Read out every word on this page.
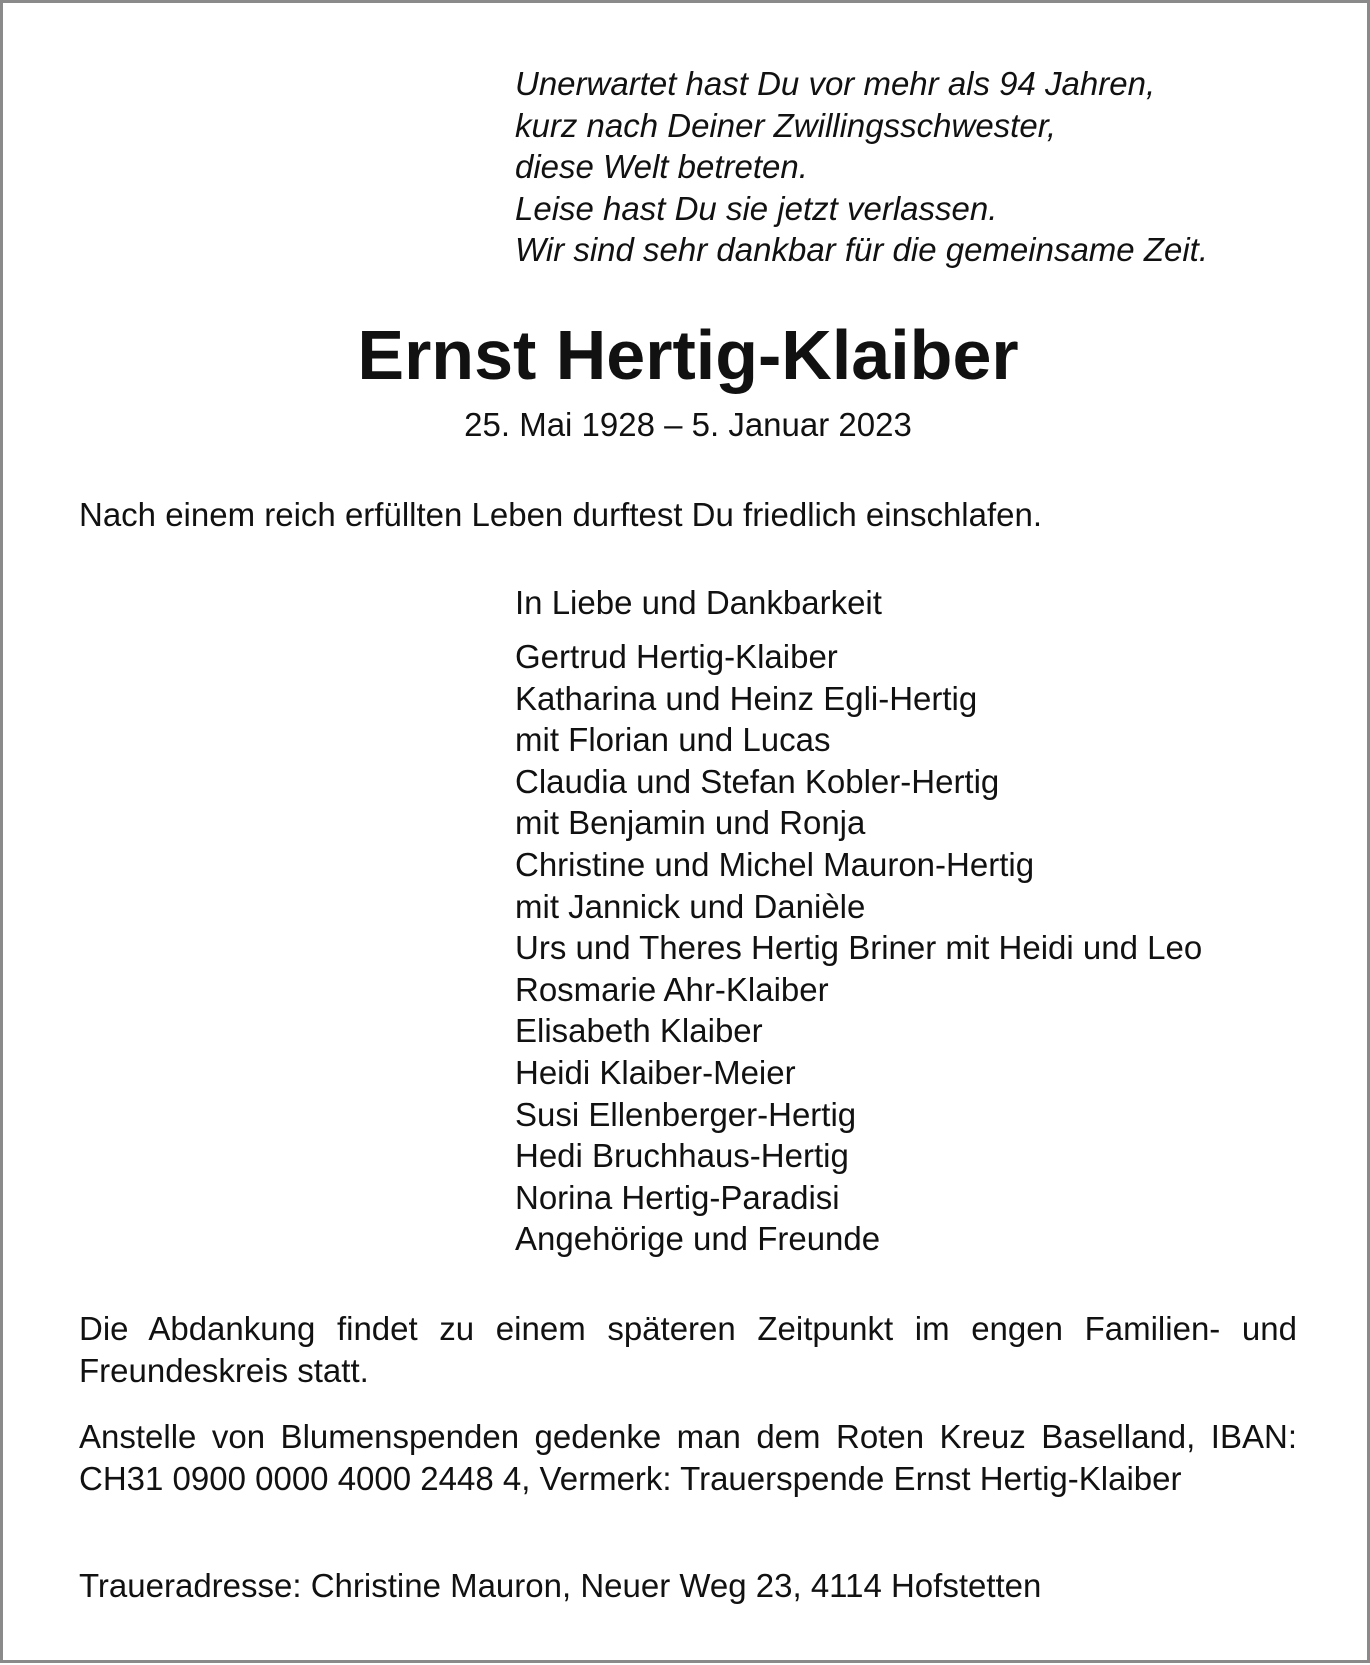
Unerwartet hast Du vor mehr als 94 Jahren,
kurz nach Deiner Zwillingsschwester,
diese Welt betreten.
Leise hast Du sie jetzt verlassen.
Wir sind sehr dankbar für die gemeinsame Zeit.
Ernst Hertig-Klaiber
25. Mai 1928 – 5. Januar 2023
Nach einem reich erfüllten Leben durftest Du friedlich einschlafen.
In Liebe und Dankbarkeit
Gertrud Hertig-Klaiber
Katharina und Heinz Egli-Hertig
mit Florian und Lucas
Claudia und Stefan Kobler-Hertig
mit Benjamin und Ronja
Christine und Michel Mauron-Hertig
mit Jannick und Danièle
Urs und Theres Hertig Briner mit Heidi und Leo
Rosmarie Ahr-Klaiber
Elisabeth Klaiber
Heidi Klaiber-Meier
Susi Ellenberger-Hertig
Hedi Bruchhaus-Hertig
Norina Hertig-Paradisi
Angehörige und Freunde

Die Abdankung findet zu einem späteren Zeitpunkt im engen Familien- und Freundeskreis statt.

Anstelle von Blumenspenden gedenke man dem Roten Kreuz Baselland, IBAN: CH31 0900 0000 4000 2448 4, Vermerk: Trauerspende Ernst Hertig-Klaiber

Traueradresse: Christine Mauron, Neuer Weg 23, 4114 Hofstetten
